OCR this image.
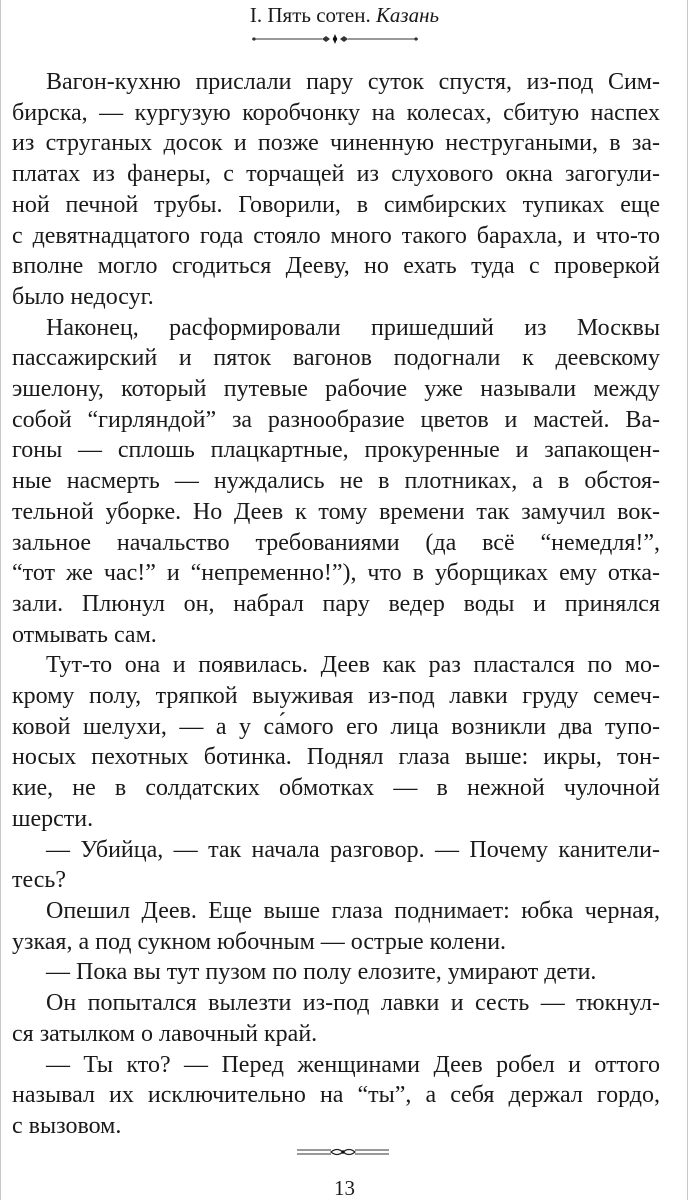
I. Пять сотен. Казань

Вагон-кухню прислали пару суток спустя, из-под Сим-
бирска, — кургузую коробчонку на колесах, сбитую наспех
из струганых досок и позже чиненную нестругаными, в за-
платах из фанеры, с торчащей из слухового окна загогули-
ной печной трубы. Говорили, в симбирских тупиках еще
с девятнадцатого года стояло много такого барахла, и что-то
вполне могло сгодиться Дееву, но ехать туда с проверкой
было недосуг.

Наконец, расформировали пришедший из Москвы
пассажирский и пяток вагонов подогнали к деевскому
эшелону, который путевые рабочие уже называли между
собой “гирляндой” за разнообразие цветов и мастей. Ва-
гоны — сплошь плацкартные, прокуренные и запакощен-
ные насмерть — нуждались не в плотниках, а в обстоя-
тельной уборке. Но Деев к тому времени так замучил вок-
зальное начальство требованиями (да всё “немедля!”,
“тот же час!” и “непременно!”), что в уборщиках ему отка-
зали. Плюнул он, набрал пару ведер воды и принялся
отмывать сам.

Тут-то она и появилась. Деев как раз пластался по мо-
крому полу, тряпкой выуживая из-под лавки груду семеч-
ковой шелухи, — а у са́мого его лица возникли два тупо-
носых пехотных ботинка. Поднял глаза выше: икры, тон-
кие, не в солдатских обмотках — в нежной чулочной
шерсти.

— Убийца, — так начала разговор. — Почему канители-
тесь?

Опешил Деев. Еще выше глаза поднимает: юбка черная,
узкая, а под сукном юбочным — острые колени.

— Пока вы тут пузом по полу елозите, умирают дети.

Он попытался вылезти из-под лавки и сесть — тюкнул-
ся затылком о лавочный край.

— Ты кто? — Перед женщинами Деев робел и оттого
называл их исключительно на “ты”, а себя держал гордо,
с вызовом.

13
